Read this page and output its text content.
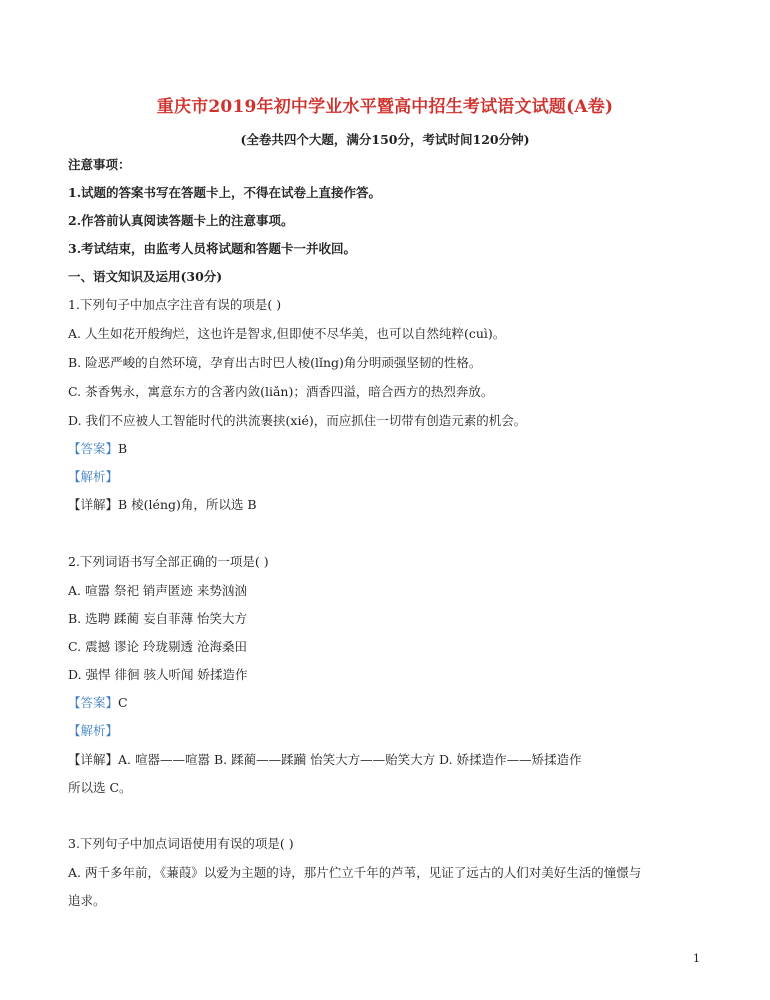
重庆市2019年初中学业水平暨高中招生考试语文试题(A卷)
(全卷共四个大题，满分150分，考试时间120分钟)
注意事项：
1.试题的答案书写在答题卡上，不得在试卷上直接作答。
2.作答前认真阅读答题卡上的注意事项。
3.考试结束，由监考人员将试题和答题卡一并收回。
一、语文知识及运用(30分)
1.下列句子中加点字注音有误的项是( )
A. 人生如花开般绚烂，这也许是智求,但即使不尽华美，也可以自然纯粹(cuì)。
B. 险恶严峻的自然环境，孕育出古时巴人棱(lǐng)角分明顽强坚韧的性格。
C. 茶香隽永，寓意东方的含著内敛(liǎn)；酒香四溢，暗合西方的热烈奔放。
D. 我们不应被人工智能时代的洪流裹挟(xié)，而应抓住一切带有创造元素的机会。
【答案】B
【解析】
【详解】B 棱(léng)角，所以选 B
2.下列词语书写全部正确的一项是( )
A. 喧嚣 祭祀 销声匿迹 来势汹汹
B. 选聘 蹂蔺 妄自菲薄 怡笑大方
C. 震撼 谬论 玲珑剔透 沧海桑田
D. 强悍 徘徊 骇人听闻 娇揉造作
【答案】C
【解析】
【详解】A. 喧器——喧嚣 B. 蹂蔺——蹂躏 怡笑大方——贻笑大方 D. 娇揉造作——矫揉造作
所以选 C。
3.下列句子中加点词语使用有误的项是( )
A. 两千多年前，《蒹葭》以爱为主题的诗，那片伫立千年的芦苇，见证了远古的人们对美好生活的憧憬与
追求。
1
